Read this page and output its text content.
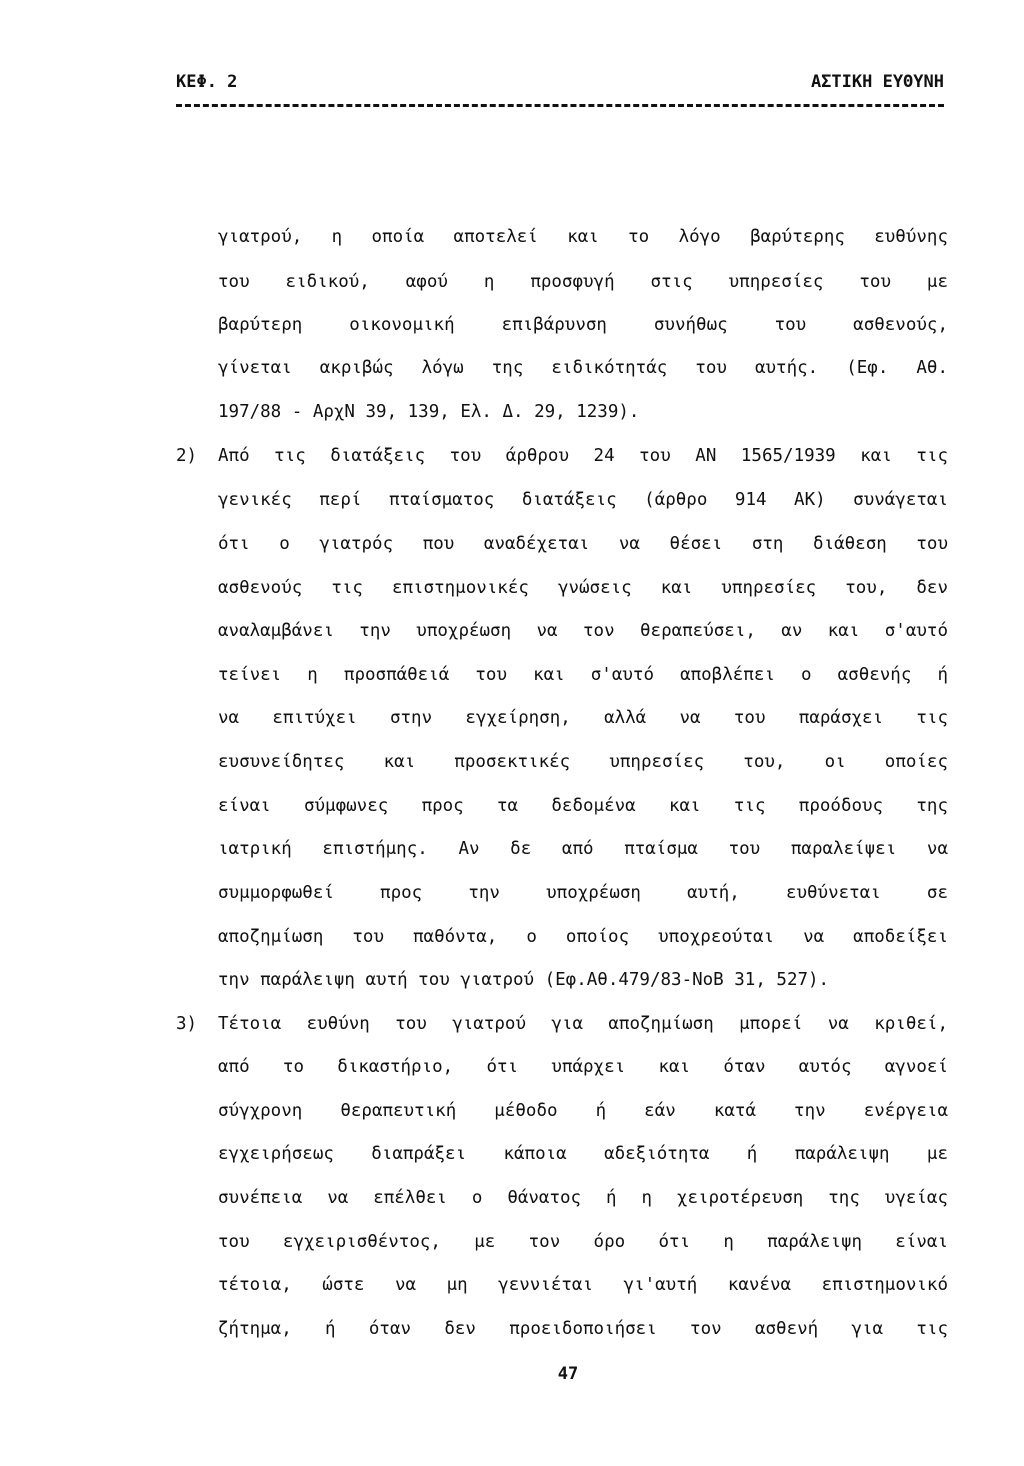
ΚΕΦ. 2	ΑΣΤΙΚΗ ΕΥΘΥΝΗ
γιατρού, η οποία αποτελεί και το λόγο βαρύτερης ευθύνης
του ειδικού, αφού η προσφυγή στις υπηρεσίες του με
βαρύτερη οικονομική επιβάρυνση συνήθως του ασθενούς,
γίνεται ακριβώς λόγω της ειδικότητάς του αυτής. (Εφ. Αθ.
197/88 - ΑρχΝ 39, 139, Ελ. Δ. 29, 1239).
2) Από τις διατάξεις του άρθρου 24 του ΑΝ 1565/1939 και τις
γενικές περί πταίσματος διατάξεις (άρθρο 914 ΑΚ) συνάγεται
ότι ο γιατρός που αναδέχεται να θέσει στη διάθεση του
ασθενούς τις επιστημονικές γνώσεις και υπηρεσίες του, δεν
αναλαμβάνει την υποχρέωση να τον θεραπεύσει, αν και σ'αυτό
τείνει η προσπάθειά του και σ'αυτό αποβλέπει ο ασθενής ή
να επιτύχει στην εγχείρηση, αλλά να του παράσχει τις
ευσυνείδητες και προσεκτικές υπηρεσίες του, οι οποίες
είναι σύμφωνες προς τα δεδομένα και τις προόδους της
ιατρική επιστήμης. Αν δε από πταίσμα του παραλείψει να
συμμορφωθεί προς την υποχρέωση αυτή, ευθύνεται σε
αποζημίωση του παθόντα, ο οποίος υποχρεούται να αποδείξει
την παράλειψη αυτή του γιατρού (Εφ.Αθ.479/83-ΝοΒ 31, 527).
3) Τέτοια ευθύνη του γιατρού για αποζημίωση μπορεί να κριθεί,
από το δικαστήριο, ότι υπάρχει και όταν αυτός αγνοεί
σύγχρονη θεραπευτική μέθοδο ή εάν κατά την ενέργεια
εγχειρήσεως διαπράξει κάποια αδεξιότητα ή παράλειψη με
συνέπεια να επέλθει ο θάνατος ή η χειροτέρευση της υγείας
του εγχειρισθέντος, με τον όρο ότι η παράλειψη είναι
τέτοια, ώστε να μη γεννιέται γι'αυτή κανένα επιστημονικό
ζήτημα, ή όταν δεν προειδοποιήσει τον ασθενή για τις
47
